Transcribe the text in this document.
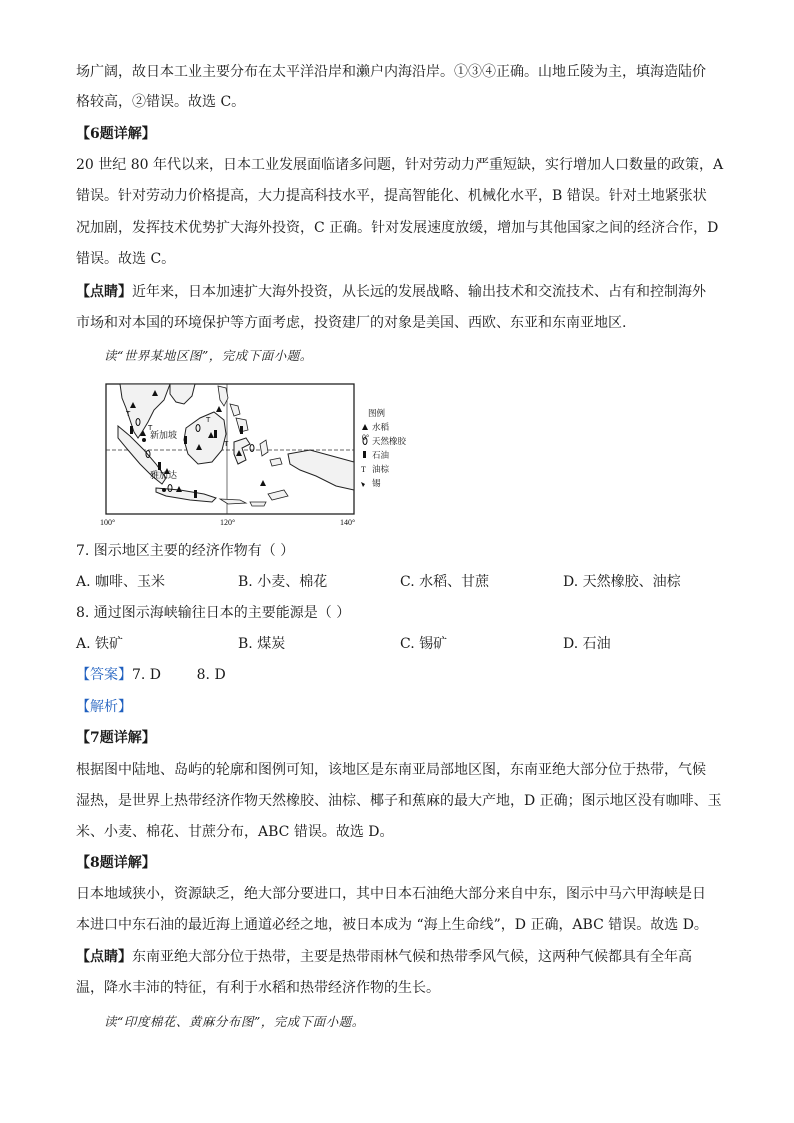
场广阔，故日本工业主要分布在太平洋沿岸和濑户内海沿岸。①③④正确。山地丘陵为主，填海造陆价
格较高，②错误。故选 C。
【6题详解】
20 世纪 80 年代以来，日本工业发展面临诸多问题，针对劳动力严重短缺，实行增加人口数量的政策，A
错误。针对劳动力价格提高，大力提高科技水平，提高智能化、机械化水平，B 错误。针对土地紧张状
况加剧，发挥技术优势扩大海外投资，C 正确。针对发展速度放缓，增加与其他国家之间的经济合作，D
错误。故选 C。
【点睛】近年来，日本加速扩大海外投资，从长远的发展战略、输出技术和交流技术、占有和控制海外
市场和对本国的环境保护等方面考虑，投资建厂的对象是美国、西欧、东亚和东南亚地区.
读“世界某地区图”，完成下面小题。
T
T
T
T
新加坡
雅加达
0°
100°	120°	140°
图例
水稻
天然橡胶
石油
T 油棕
锡
7. 图示地区主要的经济作物有（ ）
A. 咖啡、玉米	B. 小麦、棉花	C. 水稻、甘蔗	D. 天然橡胶、油棕
8. 通过图示海峡输往日本的主要能源是（ ）
A. 铁矿	B. 煤炭	C. 锡矿	D. 石油
【答案】7. D        8. D
【解析】
【7题详解】
根据图中陆地、岛屿的轮廓和图例可知，该地区是东南亚局部地区图，东南亚绝大部分位于热带，气候
湿热，是世界上热带经济作物天然橡胶、油棕、椰子和蕉麻的最大产地，D 正确；图示地区没有咖啡、玉
米、小麦、棉花、甘蔗分布，ABC 错误。故选 D。
【8题详解】
日本地域狭小，资源缺乏，绝大部分要进口，其中日本石油绝大部分来自中东，图示中马六甲海峡是日
本进口中东石油的最近海上通道必经之地，被日本成为 “海上生命线”，D 正确，ABC 错误。故选 D。
【点睛】东南亚绝大部分位于热带，主要是热带雨林气候和热带季风气候，这两种气候都具有全年高
温，降水丰沛的特征，有利于水稻和热带经济作物的生长。
读“印度棉花、黄麻分布图”，完成下面小题。
